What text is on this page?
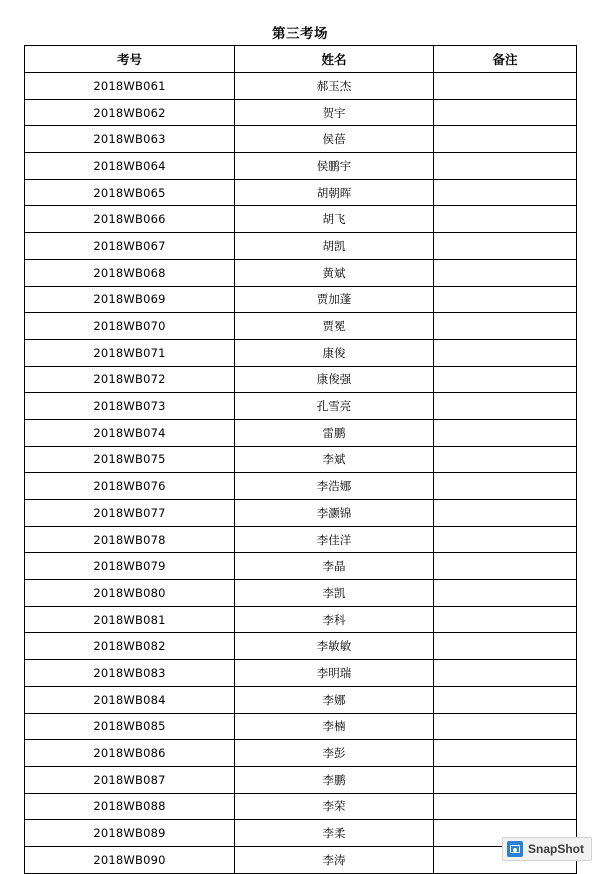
第三考场
考号	姓名	备注
2018WB061	郝玉杰	
2018WB062	贺宇	
2018WB063	侯蓓	
2018WB064	侯鹏宇	
2018WB065	胡朝晖	
2018WB066	胡飞	
2018WB067	胡凯	
2018WB068	黄斌	
2018WB069	贾加蓬	
2018WB070	贾冕	
2018WB071	康俊	
2018WB072	康俊强	
2018WB073	孔雪亮	
2018WB074	雷鹏	
2018WB075	李斌	
2018WB076	李浩娜	
2018WB077	李灏锦	
2018WB078	李佳洋	
2018WB079	李晶	
2018WB080	李凯	
2018WB081	李科	
2018WB082	李敏敏	
2018WB083	李明瑞	
2018WB084	李娜	
2018WB085	李楠	
2018WB086	李彭	
2018WB087	李鹏	
2018WB088	李荣	
2018WB089	李柔	
2018WB090	李涛	
SnapShot
